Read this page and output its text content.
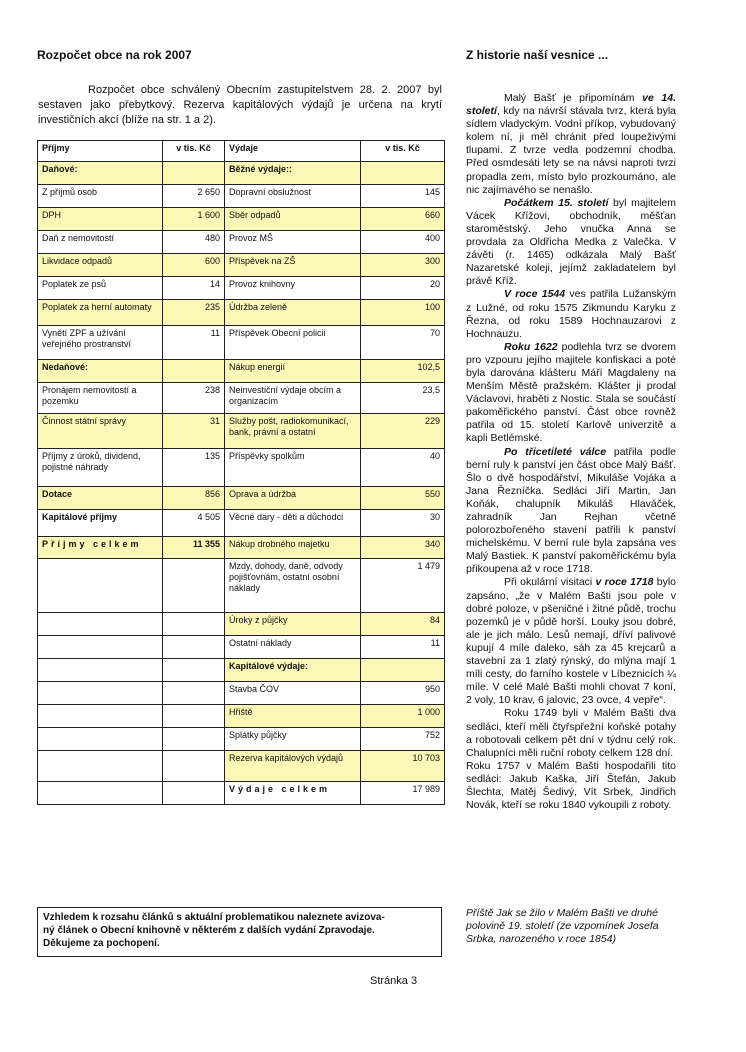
Rozpočet obce na rok 2007	Z historie naší vesnice ...
Rozpočet obce schválený Obecním zastupitelstvem 28. 2. 2007 byl sestaven jako přebytkový. Rezerva kapitálových výdajů je určena na krytí investičních akcí (blíže na str. 1 a 2).
Příjmy	v tis. Kč	Výdaje	v tis. Kč
Daňové:		Běžné výdaje::	
Z příjmů osob	2 650	Dopravní obslužnost	145
DPH	1 600	Sběr odpadů	660
Daň z nemovitostí	480	Provoz MŠ	400
Likvidace odpadů	600	Příspěvek na ZŠ	300
Poplatek ze psů	14	Provoz knihovny	20
Poplatek za herní automaty	235	Údržba zeleně	100
Vynětí ZPF a užívání veřejného prostranství	11	Příspěvek Obecní policii	70
Nedaňové:		Nákup energií	102,5
Pronájem nemovitostí a pozemku	238	Neinvestiční výdaje obcím a organizacím	23,5
Činnost státní správy	31	Služby pošt, radiokomunikací, bank, právní a ostatní	229
Příjmy z úroků, dividend, pojistné náhrady	135	Příspěvky spolkům	40
Dotace	856	Oprava a údržba	550
Kapitálové příjmy	4 505	Věcné dary - děti a důchodci	30
Příjmy celkem	11 355	Nákup drobného majetku	340
		Mzdy, dohody, daně, odvody pojišťovnám, ostatní osobní náklady	1 479
		Úroky z půjčky	84
		Ostatní náklady	11
		Kapitálové výdaje:	
		Stavba ČOV	950
		Hřiště	1 000
		Splátky půjčky	752
		Rezerva kapitálových výdajů	10 703
		Výdaje celkem	17 989
Vzhledem k rozsahu článků s aktuální problematikou naleznete avizova-
ný článek o Obecní knihovně v některém z dalších vydání Zpravodaje.
Děkujeme za pochopení.
Stránka 3

Malý Bašť je připomínám ve 14. století, kdy na návrší stávala tvrz, která byla sídlem vladyckým. Vodní příkop, vybudovaný kolem ní, ji měl chránit před loupeživými tlupami. Z tvrze vedla podzemní chodba. Před osmdesáti lety se na návsi naproti tvrzi propadla zem, místo bylo prozkoumáno, ale nic zajímavého se nenašlo.

Počátkem 15. století byl majitelem Vácek Křížovi, obchodník, měšťan staroměstský. Jeho vnučka Anna se provdala za Oldřicha Medka z Valečka. V závěti (r. 1465) odkázala Malý Bašť Nazaretské koleji, jejímž zakladatelem byl právě Kříž.

V roce 1544 ves patřila Lužanským z Lužné, od roku 1575 Zikmundu Karyku z Řezna, od roku 1589 Hochnauzarovi z Hochnauzu.

Roku 1622 podlehla tvrz se dvorem pro vzpouru jejího majitele konfiskaci a poté byla darována klášteru Máří Magdaleny na Menším Městě pražském. Klášter ji prodal Václavovi, hraběti z Nostic. Stala se součástí pakoměřického panství. Část obce rovněž patřila od 15. století Karlově univerzitě a kapli Betlémské.

Po třicetileté válce patřila podle berní ruly k panství jen část obce Malý Bašť. Šlo o dvě hospodářství, Mikuláše Vojáka a Jana Řezníčka. Sedláci Jiří Martin, Jan Koňák, chalupník Mikuláš Hlaváček, zahradník Jan Rejhan včetně polorozbořeného stavení patřili k panství michelskému. V berní rule byla zapsána ves Malý Bastiek. K panství pakoměřickému byla přikoupena až v roce 1718.

Při okulární visitaci v roce 1718 bylo zapsáno, „že v Malém Bašti jsou pole v dobré poloze, v pšeničné i žitné půdě, trochu pozemků je v půdě horší. Louky jsou dobré, ale je jich málo. Lesů nemají, dříví palivové kupují 4 míle daleko, sáh za 45 krejcarů a stavební za 1 zlatý rýnský, do mlýna mají 1 míli cesty, do farního kostele v Líbeznicích ¼ míle. V celé Malé Bašti mohli chovat 7 koní, 2 voly, 10 krav, 6 jalovic, 23 ovce, 4 vepře“.

Roku 1749 byli v Malém Bašti dva sedláci, kteří měli čtyřspřežní koňské potahy a robotovali celkem pět dní v týdnu celý rok. Chalupníci měli ruční roboty celkem 128 dní.

Roku 1757 v Malém Bašti hospodařili tito sedláci: Jakub Kaška, Jiří Štefán, Jakub Šlechta, Matěj Šedivý, Vít Srbek, Jindřich Novák, kteří se roku 1840 vykoupili z roboty.

Příště Jak se žilo v Malém Bašti ve druhé
polovině 19. století (ze vzpomínek Josefa
Srbka, narozeného v roce 1854)
